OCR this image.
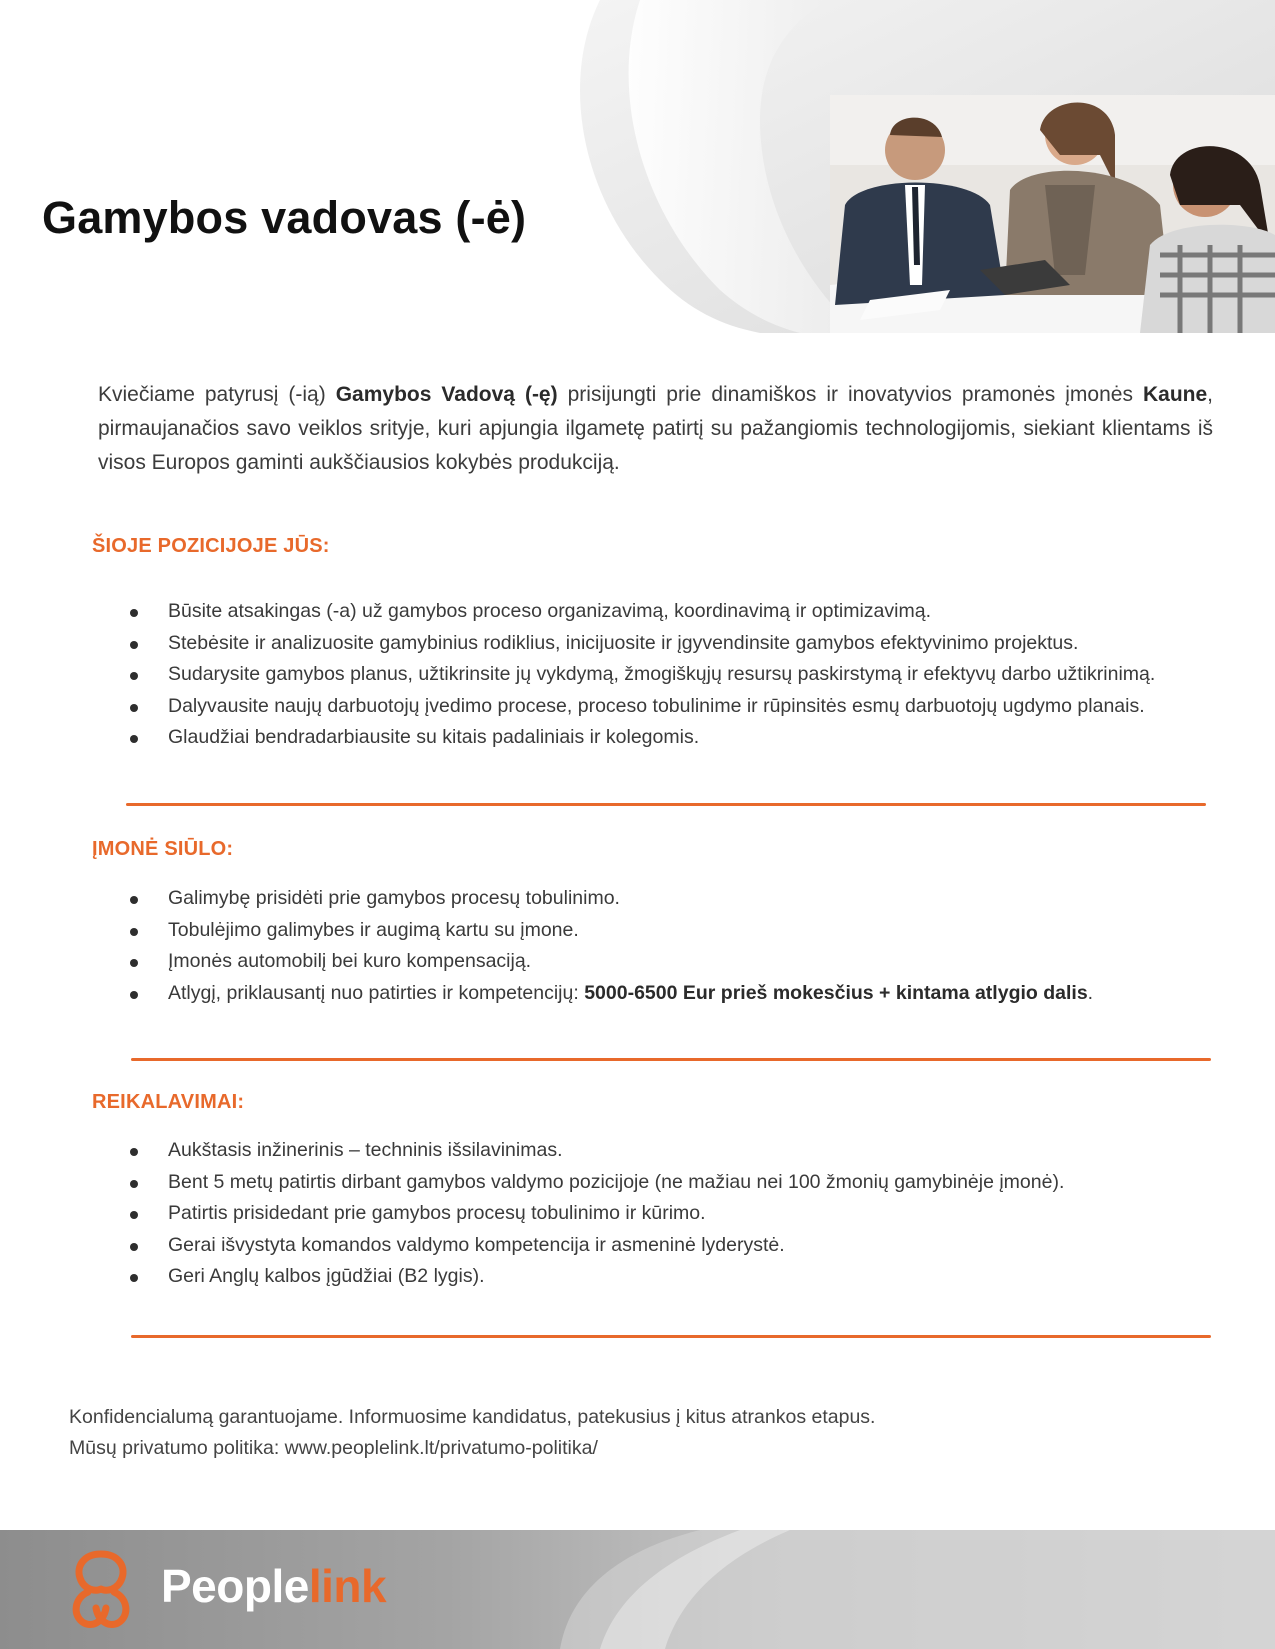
Gamybos vadovas (-ė)

Kviečiame patyrusį (-ią) Gamybos Vadovą (-ę) prisijungti prie dinamiškos ir inovatyvios pramonės įmonės Kaune, pirmaujanačios savo veiklos srityje, kuri apjungia ilgametę patirtį su pažangiomis technologijomis, siekiant klientams iš visos Europos gaminti aukščiausios kokybės produkciją.

ŠIOJE POZICIJOJE JŪS:
Būsite atsakingas (-a) už gamybos proceso organizavimą, koordinavimą ir optimizavimą.
Stebėsite ir analizuosite gamybinius rodiklius, inicijuosite ir įgyvendinsite gamybos efektyvinimo projektus.
Sudarysite gamybos planus, užtikrinsite jų vykdymą, žmogiškųjų resursų paskirstymą ir efektyvų darbo užtikrinimą.
Dalyvausite naujų darbuotojų įvedimo procese, proceso tobulinime ir rūpinsitės esmų darbuotojų ugdymo planais.
Glaudžiai bendradarbiausite su kitais padaliniais ir kolegomis.
ĮMONĖ SIŪLO:
Galimybę prisidėti prie gamybos procesų tobulinimo.
Tobulėjimo galimybes ir augimą kartu su įmone.
Įmonės automobilį bei kuro kompensaciją.
Atlygį, priklausantį nuo patirties ir kompetencijų: 5000-6500 Eur prieš mokesčius + kintama atlygio dalis.
REIKALAVIMAI:
Aukštasis inžinerinis – techninis išsilavinimas.
Bent 5 metų patirtis dirbant gamybos valdymo pozicijoje (ne mažiau nei 100 žmonių gamybinėje įmonė).
Patirtis prisidedant prie gamybos procesų tobulinimo ir kūrimo.
Gerai išvystyta komandos valdymo kompetencija ir asmeninė lyderystė.
Geri Anglų kalbos įgūdžiai (B2 lygis).
Konfidencialumą garantuojame. Informuosime kandidatus, patekusius į kitus atrankos etapus.
Mūsų privatumo politika: www.peoplelink.lt/privatumo-politika/
Peoplelink
